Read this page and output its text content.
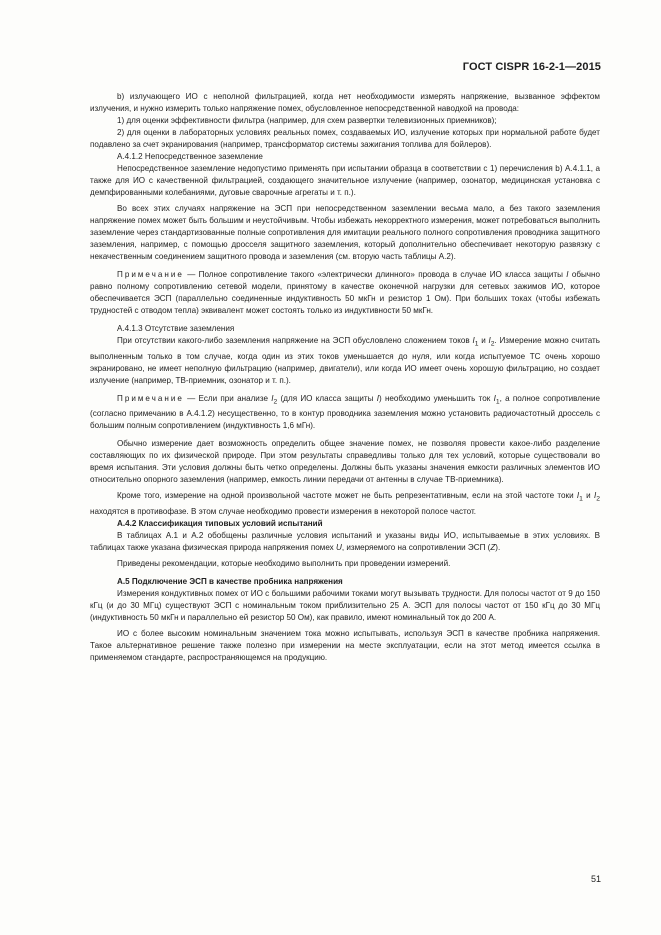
ГОСТ CISPR 16-2-1—2015

b) излучающего ИО с неполной фильтрацией, когда нет необходимости измерять напряжение, вызванное эффектом излучения, и нужно измерить только напряжение помех, обусловленное непосредственной наводкой на провода:

1) для оценки эффективности фильтра (например, для схем развертки телевизионных приемников);

2) для оценки в лабораторных условиях реальных помех, создаваемых ИО, излучение которых при нормальной работе будет подавлено за счет экранирования (например, трансформатор системы зажигания топлива для бойлеров).

А.4.1.2 Непосредственное заземление

Непосредственное заземление недопустимо применять при испытании образца в соответствии с 1) перечисления b) А.4.1.1, а также для ИО с качественной фильтрацией, создающего значительное излучение (например, озонатор, медицинская установка с демпфированными колебаниями, дуговые сварочные агрегаты и т. п.).

Во всех этих случаях напряжение на ЭСП при непосредственном заземлении весьма мало, а без такого заземления напряжение помех может быть большим и неустойчивым. Чтобы избежать некорректного измерения, может потребоваться выполнить заземление через стандартизованные полные сопротивления для имитации реального полного сопротивления проводника защитного заземления, например, с помощью дросселя защитного заземления, который дополнительно обеспечивает некоторую развязку с некачественным соединением защитного провода и заземления (см. вторую часть таблицы А.2).

Примечание — Полное сопротивление такого «электрически длинного» провода в случае ИО класса защиты I обычно равно полному сопротивлению сетевой модели, принятому в качестве оконечной нагрузки для сетевых зажимов ИО, которое обеспечивается ЭСП (параллельно соединенные индуктивность 50 мкГн и резистор 1 Ом). При больших токах (чтобы избежать трудностей с отводом тепла) эквивалент может состоять только из индуктивности 50 мкГн.

А.4.1.3 Отсутствие заземления

При отсутствии какого-либо заземления напряжение на ЭСП обусловлено сложением токов $I_1$ и $I_2$. Измерение можно считать выполненным только в том случае, когда один из этих токов уменьшается до нуля, или когда испытуемое ТС очень хорошо экранировано, не имеет неполную фильтрацию (например, двигатели), или когда ИО имеет очень хорошую фильтрацию, но создает излучение (например, ТВ-приемник, озонатор и т. п.).

Примечание — Если при анализе $I_2$ (для ИО класса защиты I) необходимо уменьшить ток $I_1$, а полное сопротивление (согласно примечанию в А.4.1.2) несущественно, то в контур проводника заземления можно установить радиочастотный дроссель с большим полным сопротивлением (индуктивность 1,6 мГн).

Обычно измерение дает возможность определить общее значение помех, не позволяя провести какое-либо разделение составляющих по их физической природе. При этом результаты справедливы только для тех условий, которые существовали во время испытания. Эти условия должны быть четко определены. Должны быть указаны значения емкости различных элементов ИО относительно опорного заземления (например, емкость линии передачи от антенны в случае ТВ-приемника).

Кроме того, измерение на одной произвольной частоте может не быть репрезентативным, если на этой частоте токи $I_1$ и $I_2$ находятся в противофазе. В этом случае необходимо провести измерения в некоторой полосе частот.

А.4.2 Классификация типовых условий испытаний

В таблицах А.1 и А.2 обобщены различные условия испытаний и указаны виды ИО, испытываемые в этих условиях. В таблицах также указана физическая природа напряжения помех U, измеряемого на сопротивлении ЭСП (Z).

Приведены рекомендации, которые необходимо выполнить при проведении измерений.

А.5 Подключение ЭСП в качестве пробника напряжения

Измерения кондуктивных помех от ИО с большими рабочими токами могут вызывать трудности. Для полосы частот от 9 до 150 кГц (и до 30 МГц) существуют ЭСП с номинальным током приблизительно 25 А. ЭСП для полосы частот от 150 кГц до 30 МГц (индуктивность 50 мкГн и параллельно ей резистор 50 Ом), как правило, имеют номинальный ток до 200 А.

ИО с более высоким номинальным значением тока можно испытывать, используя ЭСП в качестве пробника напряжения. Такое альтернативное решение также полезно при измерении на месте эксплуатации, если на этот метод имеется ссылка в применяемом стандарте, распространяющемся на продукцию.

51
